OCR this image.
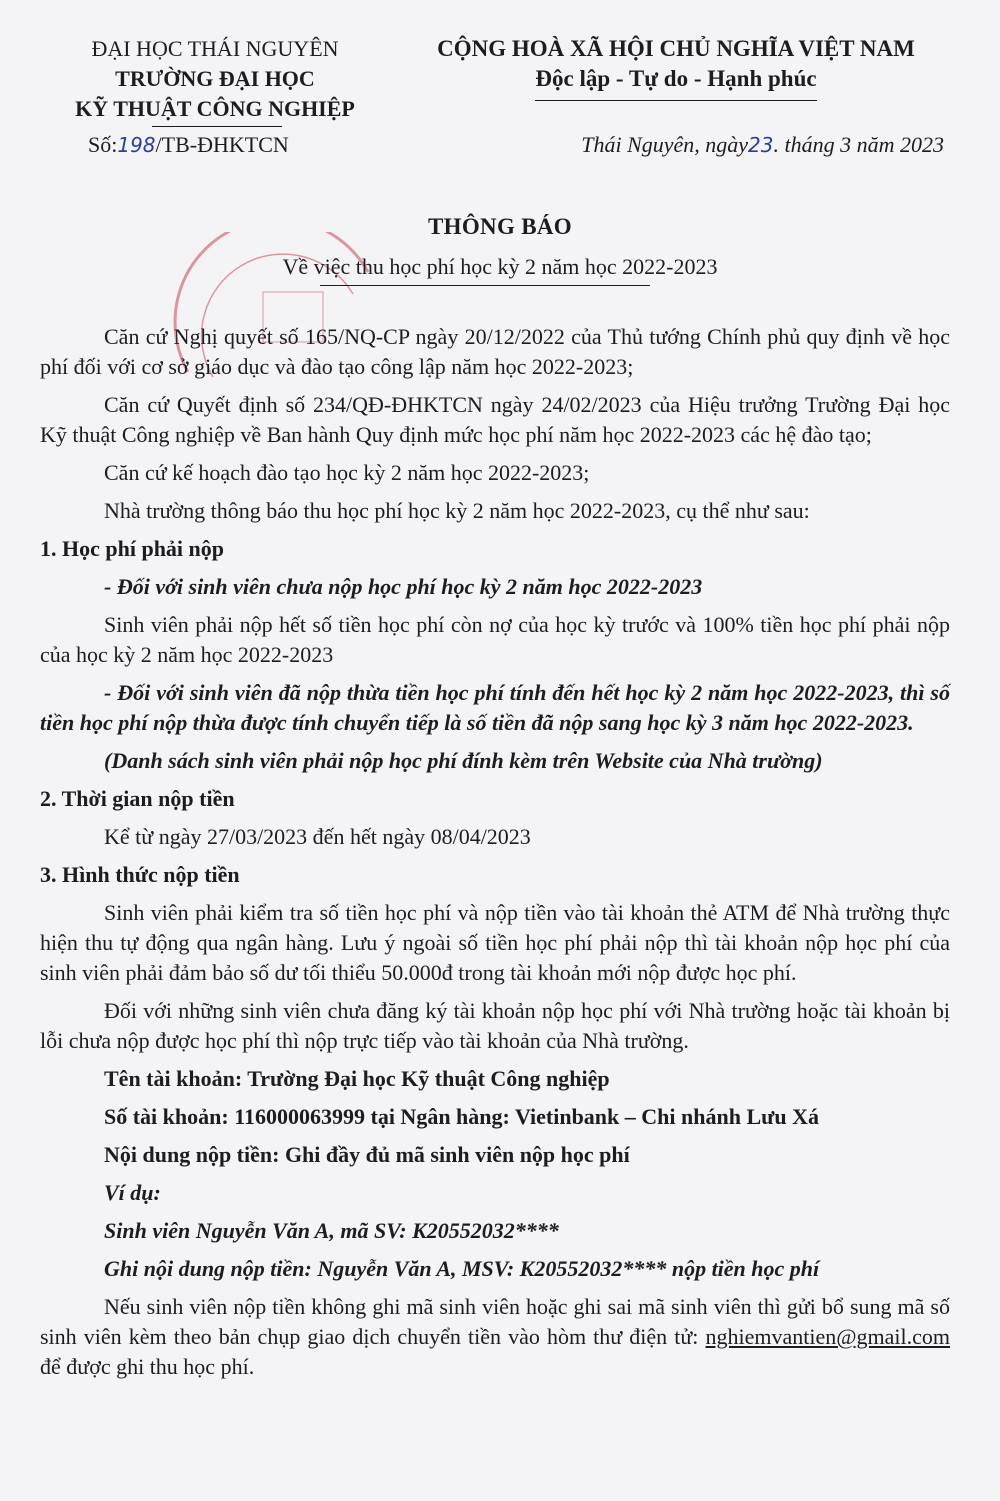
ĐẠI HỌC THÁI NGUYÊN
TRƯỜNG ĐẠI HỌC
KỸ THUẬT CÔNG NGHIỆP
Số:198/TB-ĐHKTCN
CỘNG HOÀ XÃ HỘI CHỦ NGHĨA VIỆT NAM
Độc lập - Tự do - Hạnh phúc
Thái Nguyên, ngày23. tháng 3 năm 2023
THÔNG BÁO
Về việc thu học phí học kỳ 2 năm học 2022-2023

Căn cứ Nghị quyết số 165/NQ-CP ngày 20/12/2022 của Thủ tướng Chính phủ quy định về học phí đối với cơ sở giáo dục và đào tạo công lập năm học 2022-2023;

Căn cứ Quyết định số 234/QĐ-ĐHKTCN ngày 24/02/2023 của Hiệu trưởng Trường Đại học Kỹ thuật Công nghiệp về Ban hành Quy định mức học phí năm học 2022-2023 các hệ đào tạo;

Căn cứ kế hoạch đào tạo học kỳ 2 năm học 2022-2023;

Nhà trường thông báo thu học phí học kỳ 2 năm học 2022-2023, cụ thể như sau:

1. Học phí phải nộp

- Đối với sinh viên chưa nộp học phí học kỳ 2 năm học 2022-2023

Sinh viên phải nộp hết số tiền học phí còn nợ của học kỳ trước và 100% tiền học phí phải nộp của học kỳ 2 năm học 2022-2023

- Đối với sinh viên đã nộp thừa tiền học phí tính đến hết học kỳ 2 năm học 2022-2023, thì số tiền học phí nộp thừa được tính chuyển tiếp là số tiền đã nộp sang học kỳ 3 năm học 2022-2023.

(Danh sách sinh viên phải nộp học phí đính kèm trên Website của Nhà trường)

2. Thời gian nộp tiền

Kể từ ngày 27/03/2023 đến hết ngày 08/04/2023

3. Hình thức nộp tiền

Sinh viên phải kiểm tra số tiền học phí và nộp tiền vào tài khoản thẻ ATM để Nhà trường thực hiện thu tự động qua ngân hàng. Lưu ý ngoài số tiền học phí phải nộp thì tài khoản nộp học phí của sinh viên phải đảm bảo số dư tối thiểu 50.000đ trong tài khoản mới nộp được học phí.

Đối với những sinh viên chưa đăng ký tài khoản nộp học phí với Nhà trường hoặc tài khoản bị lỗi chưa nộp được học phí thì nộp trực tiếp vào tài khoản của Nhà trường.

Tên tài khoản: Trường Đại học Kỹ thuật Công nghiệp

Số tài khoản: 116000063999 tại Ngân hàng: Vietinbank – Chi nhánh Lưu Xá

Nội dung nộp tiền: Ghi đầy đủ mã sinh viên nộp học phí

Ví dụ:

Sinh viên Nguyễn Văn A, mã SV: K20552032****

Ghi nội dung nộp tiền: Nguyễn Văn A, MSV: K20552032**** nộp tiền học phí

Nếu sinh viên nộp tiền không ghi mã sinh viên hoặc ghi sai mã sinh viên thì gửi bổ sung mã số sinh viên kèm theo bản chụp giao dịch chuyển tiền vào hòm thư điện tử: nghiemvantien@gmail.com để được ghi thu học phí.
